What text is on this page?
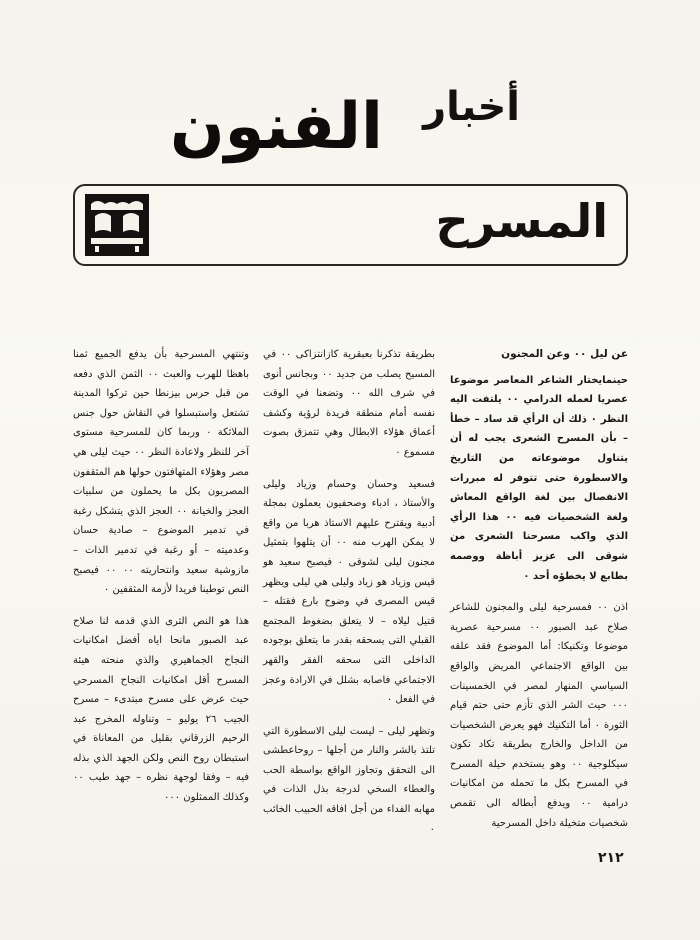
الفنون أخبار
المسرح
عن ليل ٠٠ وعن المجنون

حينمايختار الشاعر المعاصر موضوعا عصريا لعمله الدرامي ٠٠ يلتفت اليه النظر ٠ ذلك أن الرأي قد ساد – خطأ – بأن المسرح الشعرى يجب له أن يتناول موضوعاته من التاريخ والاسطورة حتى تتوفر له مبررات الانفصال بين لغة الواقع المعاش ولغة الشخصيات فيه ٠٠ هذا الرأي الذي واكب مسرحنا الشعرى من شوقى الى عزيز أباظة ووصمه بطابع لا يخطؤه أحد ٠

اذن ٠٠ فمسرحية ليلى والمجنون للشاعر صلاح عبد الصبور ٠٠ مسرحية عصرية موضوعا وتكنيكا: أما الموضوع فقد علقه بين الواقع الاجتماعي المريض والواقع السياسي المنهار لمصر في الخمسينات ٠٠٠ حيث الشر الذي تأزم حتى حتم قيام الثورة ٠ أما التكنيك فهو يعرض الشخصيات من الداخل والخارج بطريقة تكاد تكون سيكلوجية ٠٠ وهو يستخدم حيلة المسرح في المسرح بكل ما تحمله من امكانيات درامية ٠٠ ويدفع أبطاله الى تقمص شخصيات متخيلة داخل المسرحية

بطريقة تذكرنا بعبقرية كازانتزاكى ٠٠ في المسيح يصلب من جديد ٠٠ وبجانس أنوى في شرف الله ٠٠ وتضعنا في الوقت نفسه أمام منطقة فريدة لرؤية وكشف أعماق هؤلاء الابطال وهي تتمزق بصوت مسموع ٠

فسعيد وحسان وحسام وزياد وليلى والأستاذ ، ادباء وصحفيون يعملون بمجلة أدبية ويقترح عليهم الاستاذ هربا من واقع لا يمكن الهرب منه ٠٠ أن يتلهوا بتمثيل مجنون ليلى لشوقى ٠ فيصبح سعيد هو قيس وزياد هو زياد وليلى هي ليلى ويظهر قيس المصرى في وضوح بارع فقتله – قتيل ليلاه – لا يتعلق بضغوط المجتمع القبلي التى يسحقه بقدر ما يتعلق بوجوده الداخلى التى سحقه الفقر والقهر الاجتماعي فاصابه بشلل في الارادة وعجز في الفعل ٠

وتظهر ليلى – ليست ليلى الاسطورة التي تلتذ بالشر والنار من أجلها – روحاعطشى الى التحقق وتجاوز الواقع بواسطة الحب والعطاء السخي لدرجة بذل الذات في مهابه الفداء من أجل افاقه الحبيب الخائب ٠

وتنتهي المسرحية بأن يدفع الجميع ثمنا باهظا للهرب والعبث ٠٠ الثمن الذي دفعه من قبل حرس بيزنطا حين تركوا المدينة تشتعل واستبسلوا في النقاش حول جنس الملائكة ٠ وربما كان للمسرحية مستوى آخر للنظر ولاعادة النظر ٠٠ حيث ليلى هي مصر وهؤلاء المتهافتون حولها هم المثقفون المصريون بكل ما يحملون من سلبيات العجز والخيانة ٠٠ العجز الذي يتشكل رغبة في تدمير الموضوع – صادية حسان وعدميته – أو رغبة في تدمير الذات – مازوشية سعيد وانتحاريته ٠٠ ٠٠ فيصبح النص توطينا فريدا لأزمة المثقفين ٠

هذا هو النص الثرى الذي قدمه لنا صلاح عبد الصبور مانحا اياه أفضل امكانيات النجاح الجماهيري والذي منحته هيئة المسرح أقل امكانيات النجاح المسرحي حيث عرض على مسرح مبتدىء – مسرح الجيب ٢٦ يوليو – وتناوله المخرج عبد الرحيم الزرقاني بقليل من المعاناة في استبطان روح النص ولكن الجهد الذي بذله فيه – وفقا لوجهة نظره – جهد طيب ٠٠ وكذلك الممثلون ٠٠٠

٢١٢
